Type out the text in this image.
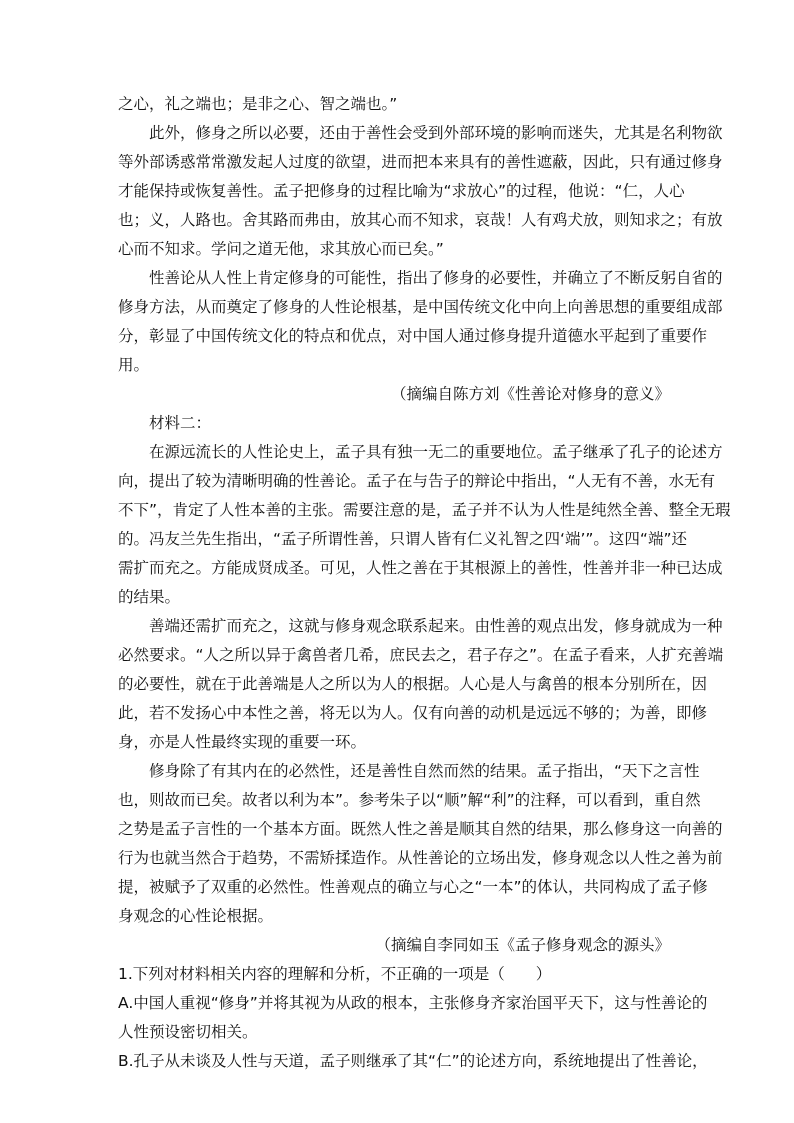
之心，礼之端也；是非之心、智之端也。”
此外，修身之所以必要，还由于善性会受到外部环境的影响而迷失，尤其是名利物欲
等外部诱惑常常激发起人过度的欲望，进而把本来具有的善性遮蔽，因此，只有通过修身
才能保持或恢复善性。孟子把修身的过程比喻为“求放心”的过程，他说：“仁，人心
也；义，人路也。舍其路而弗由，放其心而不知求，哀哉！人有鸡犬放，则知求之；有放
心而不知求。学问之道无他，求其放心而已矣。”
性善论从人性上肯定修身的可能性，指出了修身的必要性，并确立了不断反躬自省的
修身方法，从而奠定了修身的人性论根基，是中国传统文化中向上向善思想的重要组成部
分，彰显了中国传统文化的特点和优点，对中国人通过修身提升道德水平起到了重要作
用。
（摘编自陈方刘《性善论对修身的意义》
材料二：
在源远流长的人性论史上，孟子具有独一无二的重要地位。孟子继承了孔子的论述方
向，提出了较为清晰明确的性善论。孟子在与告子的辩论中指出，“人无有不善，水无有
不下”，肯定了人性本善的主张。需要注意的是，孟子并不认为人性是纯然全善、整全无瑕
的。冯友兰先生指出，“孟子所谓性善，只谓人皆有仁义礼智之四‘端’”。这四“端”还
需扩而充之。方能成贤成圣。可见，人性之善在于其根源上的善性，性善并非一种已达成
的结果。
善端还需扩而充之，这就与修身观念联系起来。由性善的观点出发，修身就成为一种
必然要求。“人之所以异于禽兽者几希，庶民去之，君子存之”。在孟子看来，人扩充善端
的必要性，就在于此善端是人之所以为人的根据。人心是人与禽兽的根本分别所在，因
此，若不发扬心中本性之善，将无以为人。仅有向善的动机是远远不够的；为善，即修
身，亦是人性最终实现的重要一环。
修身除了有其内在的必然性，还是善性自然而然的结果。孟子指出，“天下之言性
也，则故而已矣。故者以利为本”。参考朱子以“顺”解“利”的注释，可以看到，重自然
之势是孟子言性的一个基本方面。既然人性之善是顺其自然的结果，那么修身这一向善的
行为也就当然合于趋势，不需矫揉造作。从性善论的立场出发，修身观念以人性之善为前
提，被赋予了双重的必然性。性善观点的确立与心之“一本”的体认，共同构成了孟子修
身观念的心性论根据。
（摘编自李同如玉《孟子修身观念的源头》
1.下列对材料相关内容的理解和分析，不正确的一项是（　　）
A.中国人重视“修身”并将其视为从政的根本，主张修身齐家治国平天下，这与性善论的
人性预设密切相关。
B.孔子从未谈及人性与天道，孟子则继承了其“仁”的论述方向，系统地提出了性善论，
